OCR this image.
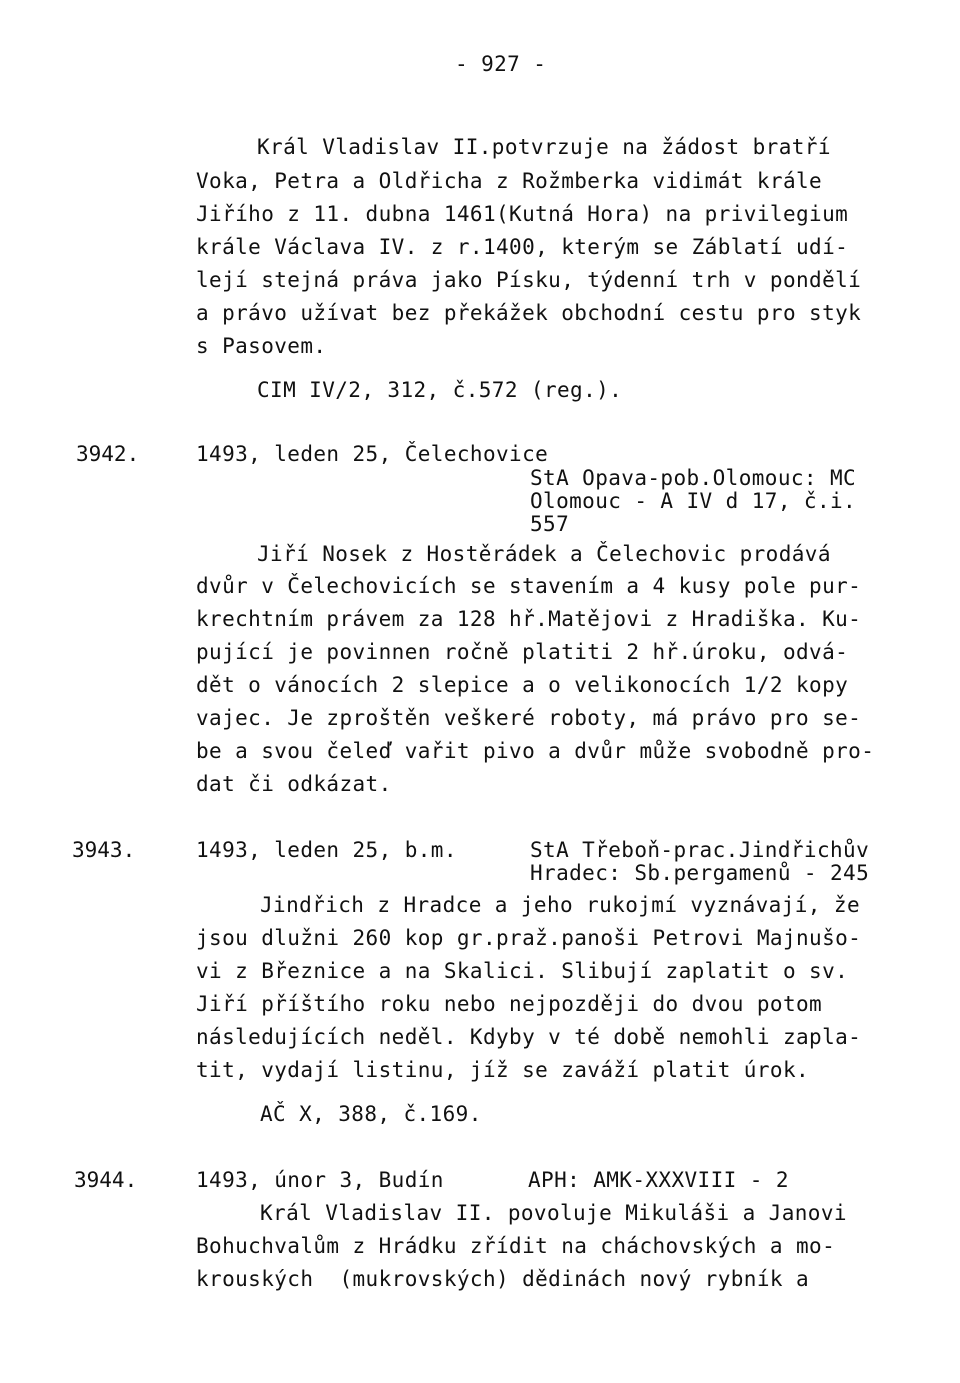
- 927 -
Král Vladislav II.potvrzuje na žádost bratří
Voka, Petra a Oldřicha z Rožmberka vidimát krále
Jiřího z 11. dubna 1461(Kutná Hora) na privilegium
krále Václava IV. z r.1400, kterým se Záblatí udí-
lejí stejná práva jako Písku, týdenní trh v pondělí
a právo užívat bez překážek obchodní cestu pro styk
s Pasovem.
CIM IV/2, 312, č.572 (reg.).
3942.	1493, leden 25, Čelechovice
StA Opava-pob.Olomouc: MC
Olomouc - A IV d 17, č.i.
557
Jiří Nosek z Hostěrádek a Čelechovic prodává
dvůr v Čelechovicích se stavením a 4 kusy pole pur-
krechtním právem za 128 hř.Matějovi z Hradiška. Ku-
pující je povinnen ročně platiti 2 hř.úroku, odvá-
dět o vánocích 2 slepice a o velikonocích 1/2 kopy
vajec. Je zproštěn veškeré roboty, má právo pro se-
be a svou čeleď vařit pivo a dvůr může svobodně pro-
dat či odkázat.
3943.	1493, leden 25, b.m.	StA Třeboň-prac.Jindřichův
Hradec: Sb.pergamenů - 245
Jindřich z Hradce a jeho rukojmí vyznávají, že
jsou dlužni 260 kop gr.praž.panoši Petrovi Majnušo-
vi z Březnice a na Skalici. Slibují zaplatit o sv.
Jiří příštího roku nebo nejpozději do dvou potom
následujících neděl. Kdyby v té době nemohli zapla-
tit, vydají listinu, jíž se zaváží platit úrok.
AČ X, 388, č.169.
3944.	1493, únor 3, Budín	APH: AMK-XXXVIII - 2
Král Vladislav II. povoluje Mikuláši a Janovi
Bohuchvalům z Hrádku zřídit na cháchovských a mo-
krouských  (mukrovských) dědinách nový rybník a
